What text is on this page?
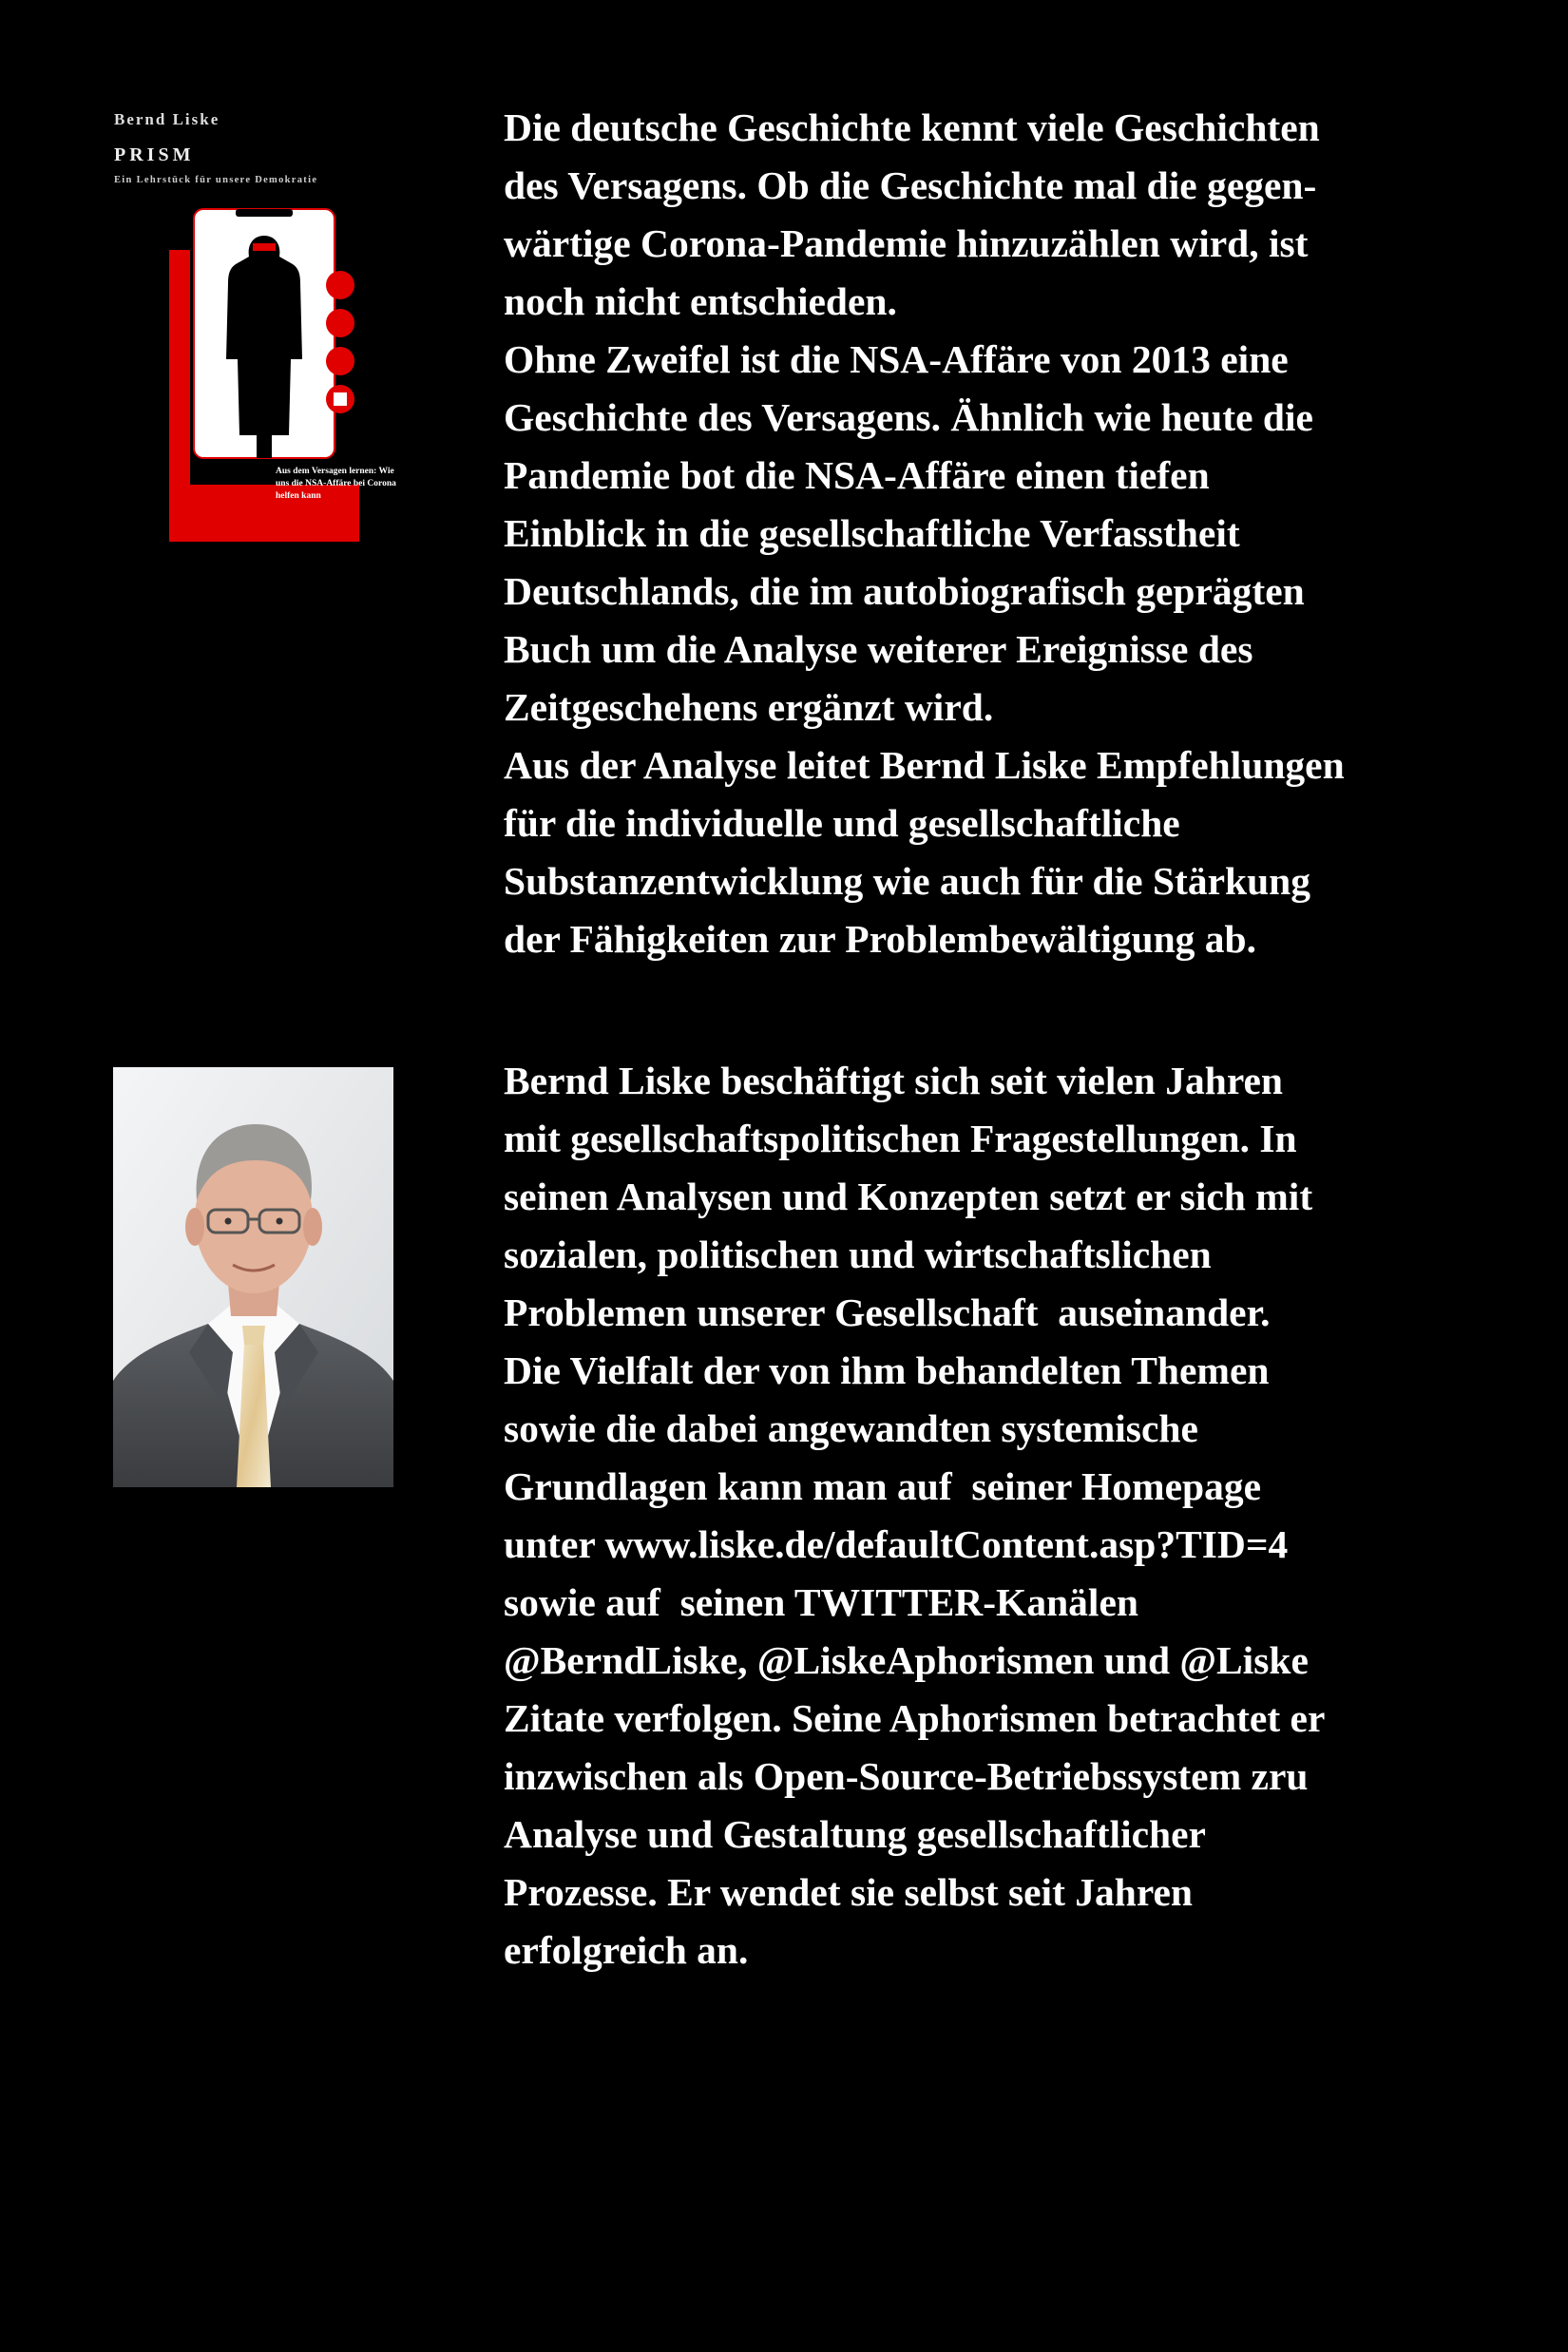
Bernd Liske
PRISM
Ein Lehrstück für unsere Demokratie
Aus dem Versagen lernen: Wie uns die NSA-Affäre bei Corona helfen kann
Die deutsche Geschichte kennt viele Geschichten
des Versagens. Ob die Geschichte mal die gegen-
wärtige Corona-Pandemie hinzuzählen wird, ist
noch nicht entschieden.
Ohne Zweifel ist die NSA-Affäre von 2013 eine
Geschichte des Versagens. Ähnlich wie heute die
Pandemie bot die NSA-Affäre einen tiefen
Einblick in die gesellschaftliche Verfasstheit
Deutschlands, die im autobiografisch geprägten
Buch um die Analyse weiterer Ereignisse des
Zeitgeschehens ergänzt wird.
Aus der Analyse leitet Bernd Liske Empfehlungen
für die individuelle und gesellschaftliche
Substanzentwicklung wie auch für die Stärkung
der Fähigkeiten zur Problembewältigung ab.
Bernd Liske beschäftigt sich seit vielen Jahren
mit gesellschaftspolitischen Fragestellungen. In
seinen Analysen und Konzepten setzt er sich mit
sozialen, politischen und wirtschaftslichen
Problemen unserer Gesellschaft  auseinander.
Die Vielfalt der von ihm behandelten Themen
sowie die dabei angewandten systemische
Grundlagen kann man auf  seiner Homepage
unter www.liske.de/defaultContent.asp?TID=4
sowie auf  seinen TWITTER-Kanälen
@BerndLiske, @LiskeAphorismen und @Liske
Zitate verfolgen. Seine Aphorismen betrachtet er
inzwischen als Open-Source-Betriebssystem zru
Analyse und Gestaltung gesellschaftlicher
Prozesse. Er wendet sie selbst seit Jahren
erfolgreich an.
